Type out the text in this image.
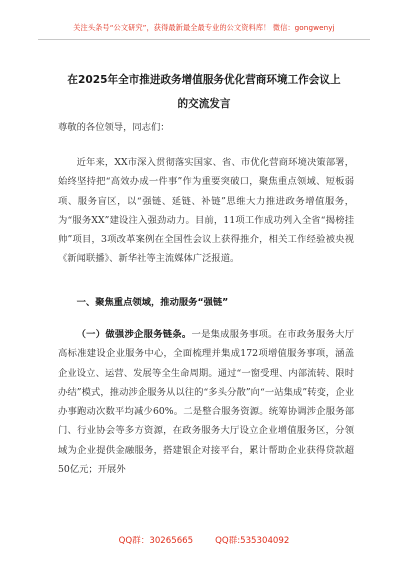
关注头条号“公文研究”，获得最新最全最专业的公文资料库！ 微信：gongwenyj
在2025年全市推进政务增值服务优化营商环境工作会议上
的交流发言

尊敬的各位领导，同志们：

近年来，XX市深入贯彻落实国家、省、市优化营商环境决策部署，始终坚持把“高效办成一件事”作为重要突破口，聚焦重点领域、短板弱项、服务盲区，以“强链、延链、补链”思维大力推进政务增值服务，为“服务XX”建设注入强劲动力。目前，11项工作成功列入全省“揭榜挂帅”项目，3项改革案例在全国性会议上获得推介，相关工作经验被央视《新闻联播》、新华社等主流媒体广泛报道。

一、聚焦重点领域，推动服务“强链”

（一）做强涉企服务链条。一是集成服务事项。在市政务服务大厅高标准建设企业服务中心，全面梳理并集成172项增值服务事项，涵盖企业设立、运营、发展等全生命周期。通过“一窗受理、内部流转、限时办结”模式，推动涉企服务从以往的“多头分散”向“一站集成”转变，企业办事跑动次数平均减少60%。二是整合服务资源。统筹协调涉企服务部门、行业协会等多方资源，在政务服务大厅设立企业增值服务区，分领域为企业提供金融服务，搭建银企对接平台，累计帮助企业获得贷款超50亿元；开展外

QQ群：30265665	QQ群:535304092
